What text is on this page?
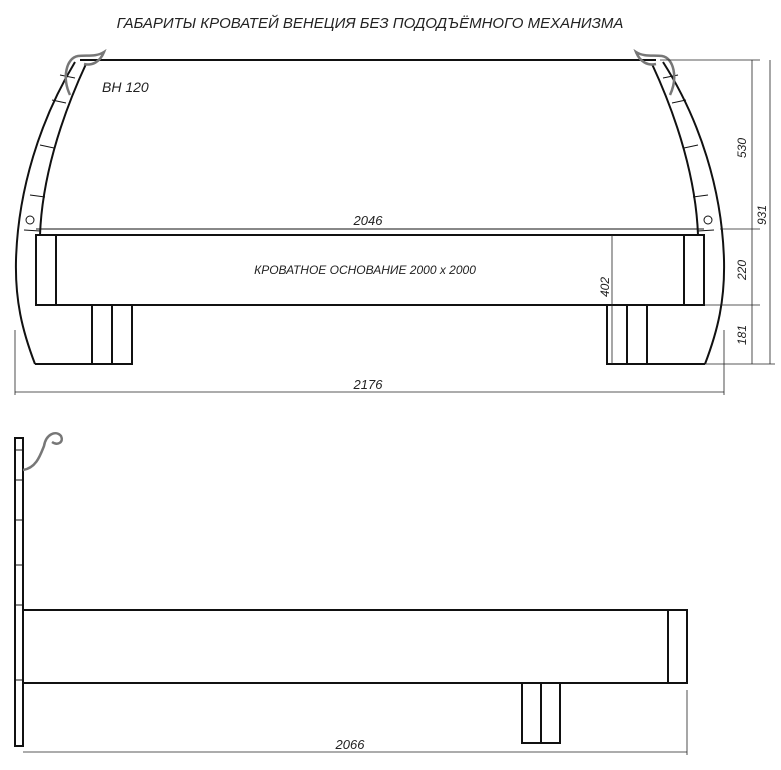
ГАБАРИТЫ КРОВАТЕЙ ВЕНЕЦИЯ БЕЗ ПОДОДЪЁМНОГО МЕХАНИЗМА
ВН 120
2046
КРОВАТНОЕ ОСНОВАНИЕ 2000 х 2000
402
530
931
220
181
2176
2066
